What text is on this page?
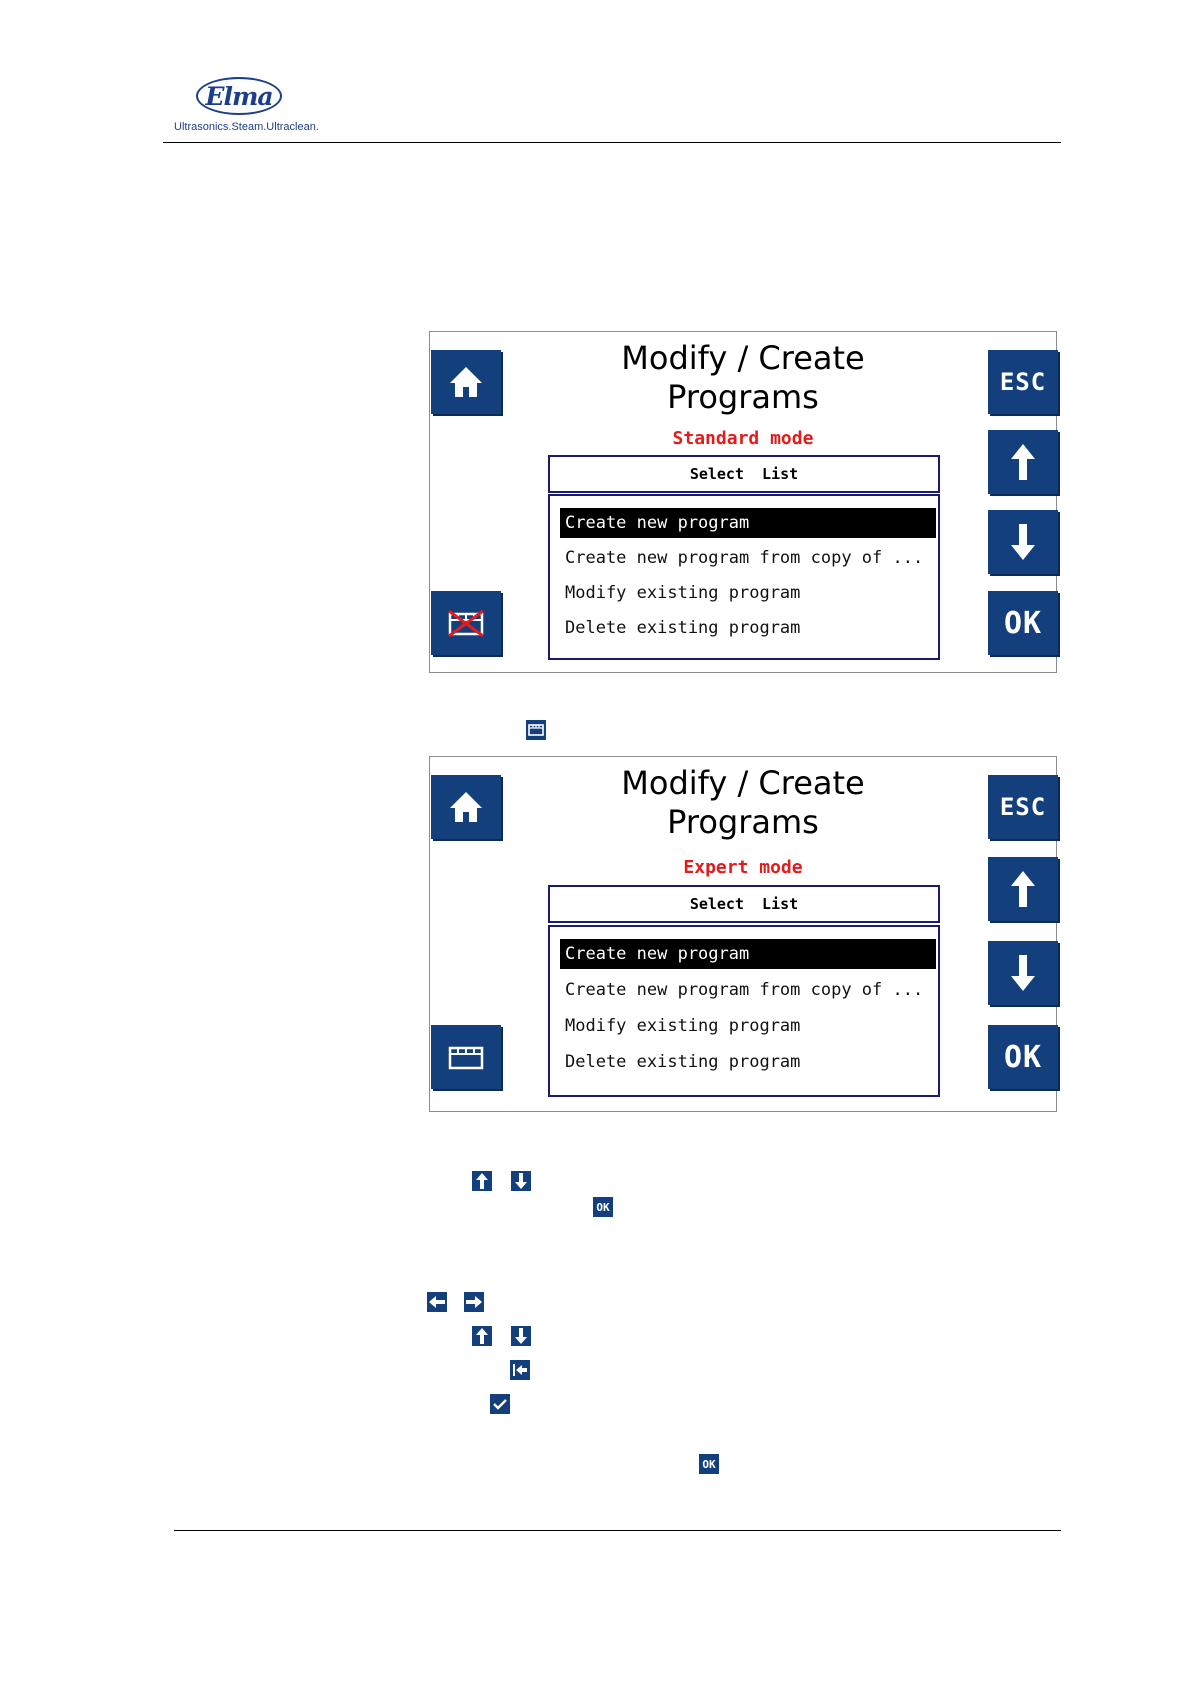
Elma
Ultrasonics.Steam.Ultraclean.
Modify / Create
Programs
Standard mode
Select  List
Create new program
Create new program from copy of ...
Modify existing program
Delete existing program
ESC
OK
Modify / Create
Programs
Expert mode
Select  List
Create new program
Create new program from copy of ...
Modify existing program
Delete existing program
ESC
OK
OK
OK
